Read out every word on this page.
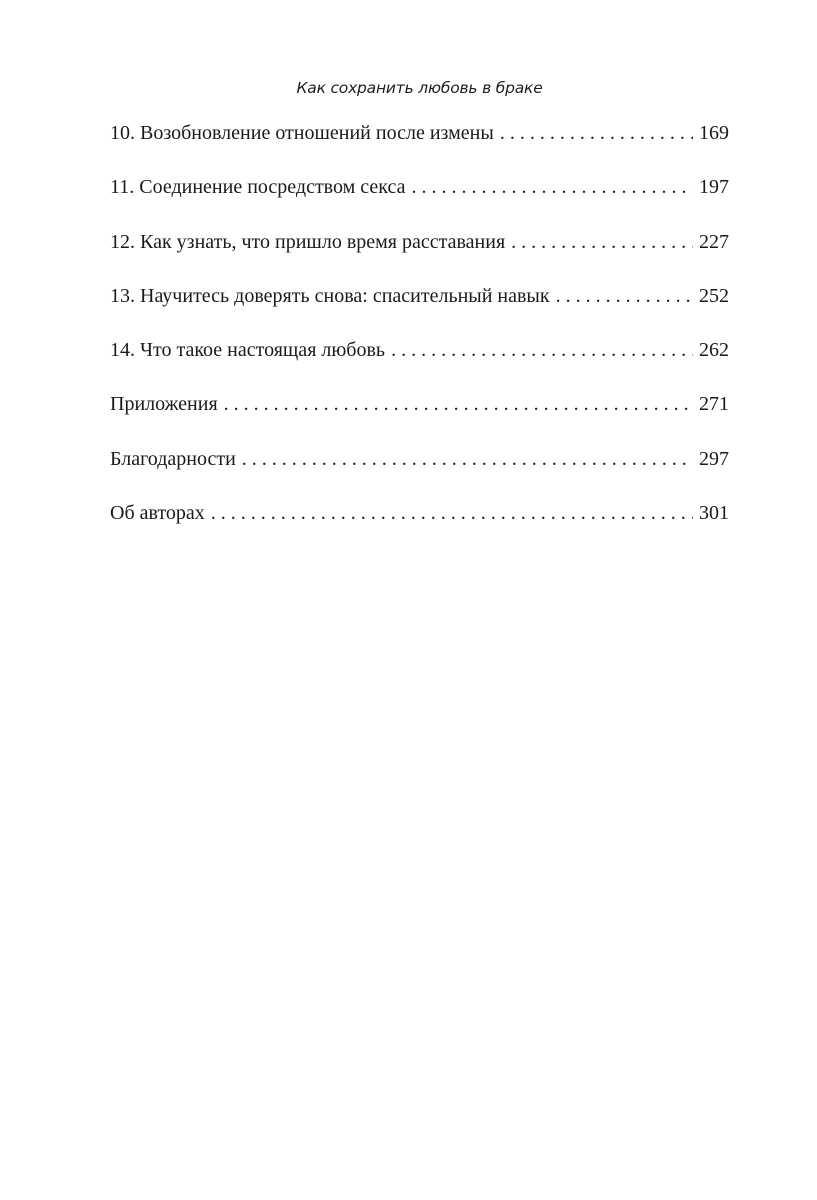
Как сохранить любовь в браке
10. Возобновление отношений после измены . . .	169
11. Соединение посредством секса . . .	197
12. Как узнать, что пришло время расставания . . .	227
13. Научитесь доверять снова: спасительный навык . . .	252
14. Что такое настоящая любовь . . .	262
Приложения . . .	271
Благодарности . . .	297
Об авторах . . .	301
